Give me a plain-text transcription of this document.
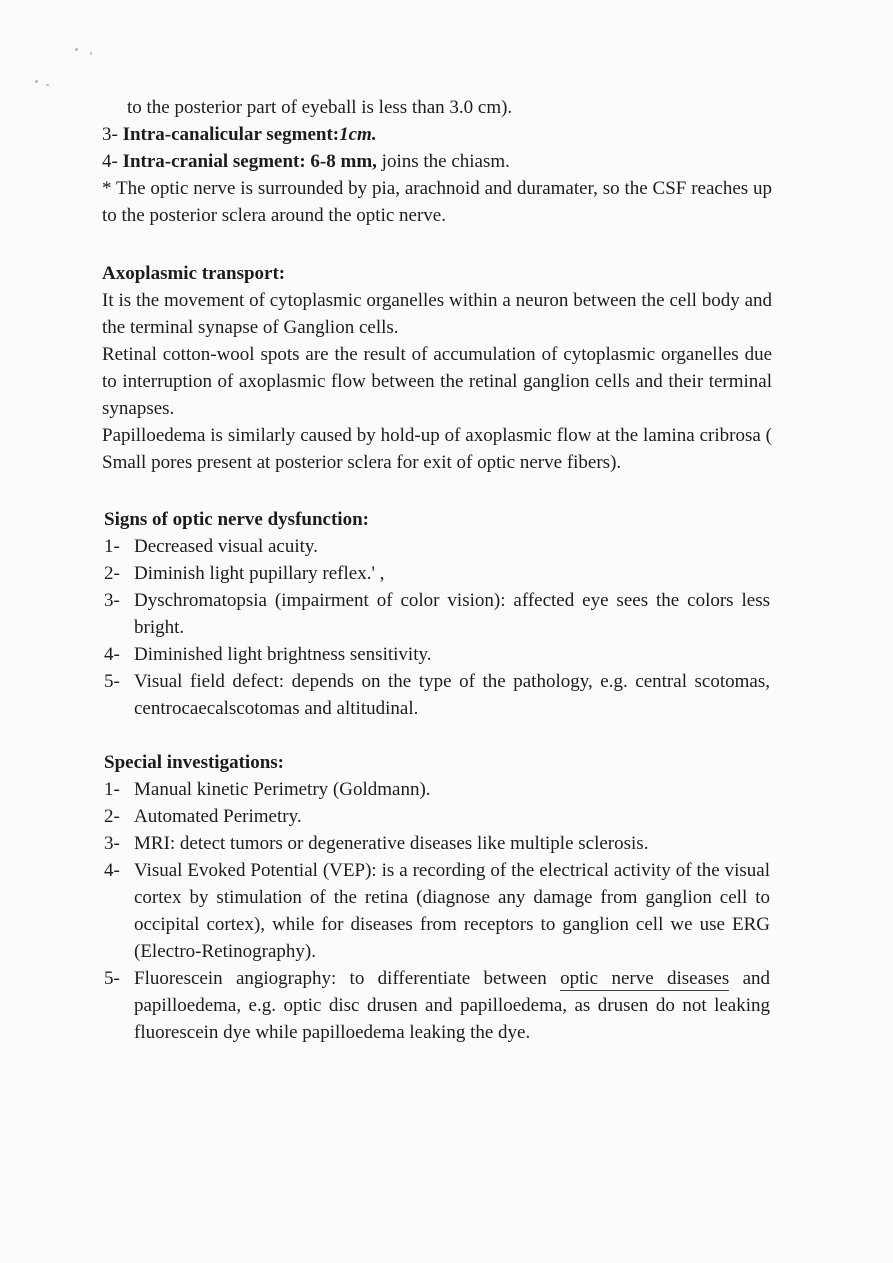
to the posterior part of eyeball is less than 3.0 cm).
3- Intra-canalicular segment:1cm.
4- Intra-cranial segment: 6-8 mm, joins the chiasm.
* The optic nerve is surrounded by pia, arachnoid and duramater, so the CSF reaches up to the posterior sclera around the optic nerve.
Axoplasmic transport:
It is the movement of cytoplasmic organelles within a neuron between the cell body and the terminal synapse of Ganglion cells.
Retinal cotton-wool spots are the result of accumulation of cytoplasmic organelles due to interruption of axoplasmic flow between the retinal ganglion cells and their terminal synapses.
Papilloedema is similarly caused by hold-up of axoplasmic flow at the lamina cribrosa ( Small pores present at posterior sclera for exit of optic nerve fibers).
Signs of optic nerve dysfunction:
1- Decreased visual acuity.
2- Diminish light pupillary reflex.' ,
3- Dyschromatopsia (impairment of color vision): affected eye sees the colors less bright.
4- Diminished light brightness sensitivity.
5- Visual field defect: depends on the type of the pathology, e.g. central scotomas, centrocaecalscotomas and altitudinal.
Special investigations:
1- Manual kinetic Perimetry (Goldmann).
2- Automated Perimetry.
3- MRI: detect tumors or degenerative diseases like multiple sclerosis.
4- Visual Evoked Potential (VEP): is a recording of the electrical activity of the visual cortex by stimulation of the retina (diagnose any damage from ganglion cell to occipital cortex), while for diseases from receptors to ganglion cell we use ERG (Electro-Retinography).
5- Fluorescein angiography: to differentiate between optic nerve diseases and papilloedema, e.g. optic disc drusen and papilloedema, as drusen do not leaking fluorescein dye while papilloedema leaking the dye.
